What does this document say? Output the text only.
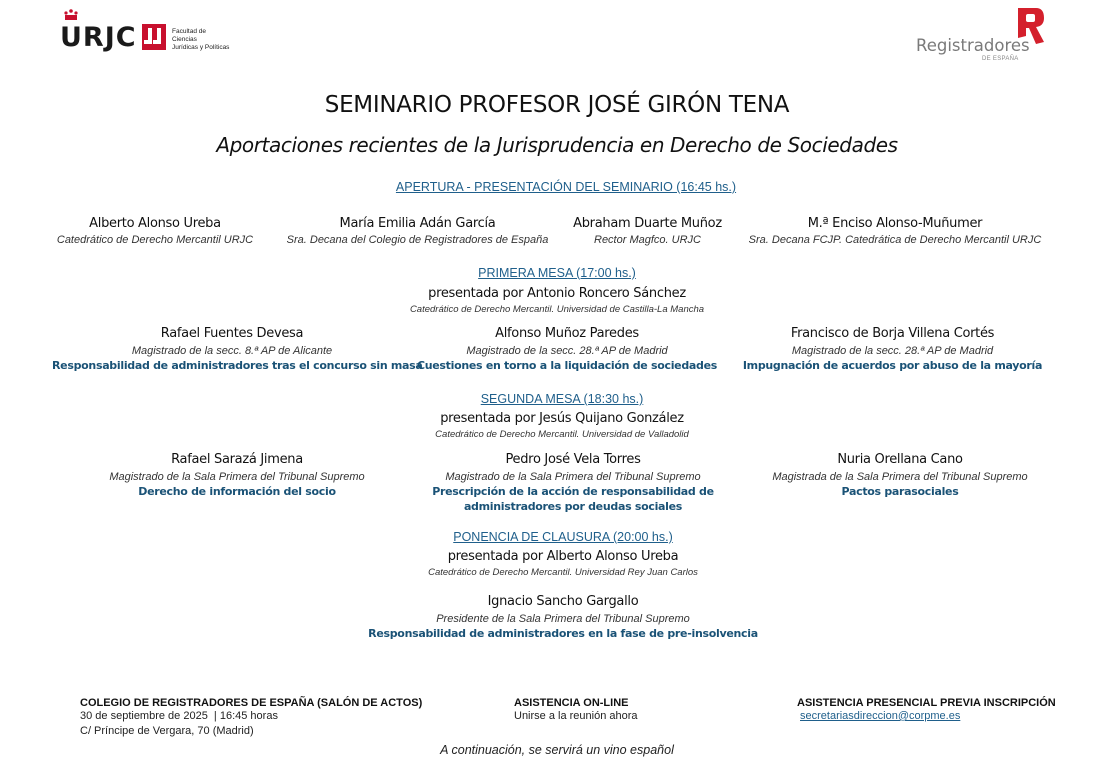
URJC	Facultad de Ciencias
Jurídicas y Políticas	Registradores
DE ESPAÑA
SEMINARIO PROFESOR JOSÉ GIRÓN TENA
Aportaciones recientes de la Jurisprudencia en Derecho de Sociedades
APERTURA - PRESENTACIÓN DEL SEMINARIO (16:45 hs.)
Alberto Alonso Ureba
Catedrático de Derecho Mercantil URJC
María Emilia Adán García
Sra. Decana del Colegio de Registradores de España
Abraham Duarte Muñoz
Rector Magfco. URJC
M.ª Enciso Alonso-Muñumer
Sra. Decana FCJP. Catedrática de Derecho Mercantil URJC
PRIMERA MESA (17:00 hs.)
presentada por Antonio Roncero Sánchez
Catedrático de Derecho Mercantil. Universidad de Castilla-La Mancha
Rafael Fuentes Devesa
Magistrado de la secc. 8.ª AP de Alicante
Responsabilidad de administradores tras el concurso sin masa
Alfonso Muñoz Paredes
Magistrado de la secc. 28.ª AP de Madrid
Cuestiones en torno a la liquidación de sociedades
Francisco de Borja Villena Cortés
Magistrado de la secc. 28.ª AP de Madrid
Impugnación de acuerdos por abuso de la mayoría
SEGUNDA MESA (18:30 hs.)
presentada por Jesús Quijano González
Catedrático de Derecho Mercantil. Universidad de Valladolid
Rafael Sarazá Jimena
Magistrado de la Sala Primera del Tribunal Supremo
Derecho de información del socio
Pedro José Vela Torres
Magistrado de la Sala Primera del Tribunal Supremo
Prescripción de la acción de responsabilidad de
administradores por deudas sociales
Nuria Orellana Cano
Magistrada de la Sala Primera del Tribunal Supremo
Pactos parasociales
PONENCIA DE CLAUSURA (20:00 hs.)
presentada por Alberto Alonso Ureba
Catedrático de Derecho Mercantil. Universidad Rey Juan Carlos
Ignacio Sancho Gargallo
Presidente de la Sala Primera del Tribunal Supremo
Responsabilidad de administradores en la fase de pre-insolvencia
COLEGIO DE REGISTRADORES DE ESPAÑA (SALÓN DE ACTOS)
30 de septiembre de 2025  | 16:45 horas
C/ Príncipe de Vergara, 70 (Madrid)
ASISTENCIA ON-LINE
Unirse a la reunión ahora
ASISTENCIA PRESENCIAL PREVIA INSCRIPCIÓN
secretariasdireccion@corpme.es
A continuación, se servirá un vino español
